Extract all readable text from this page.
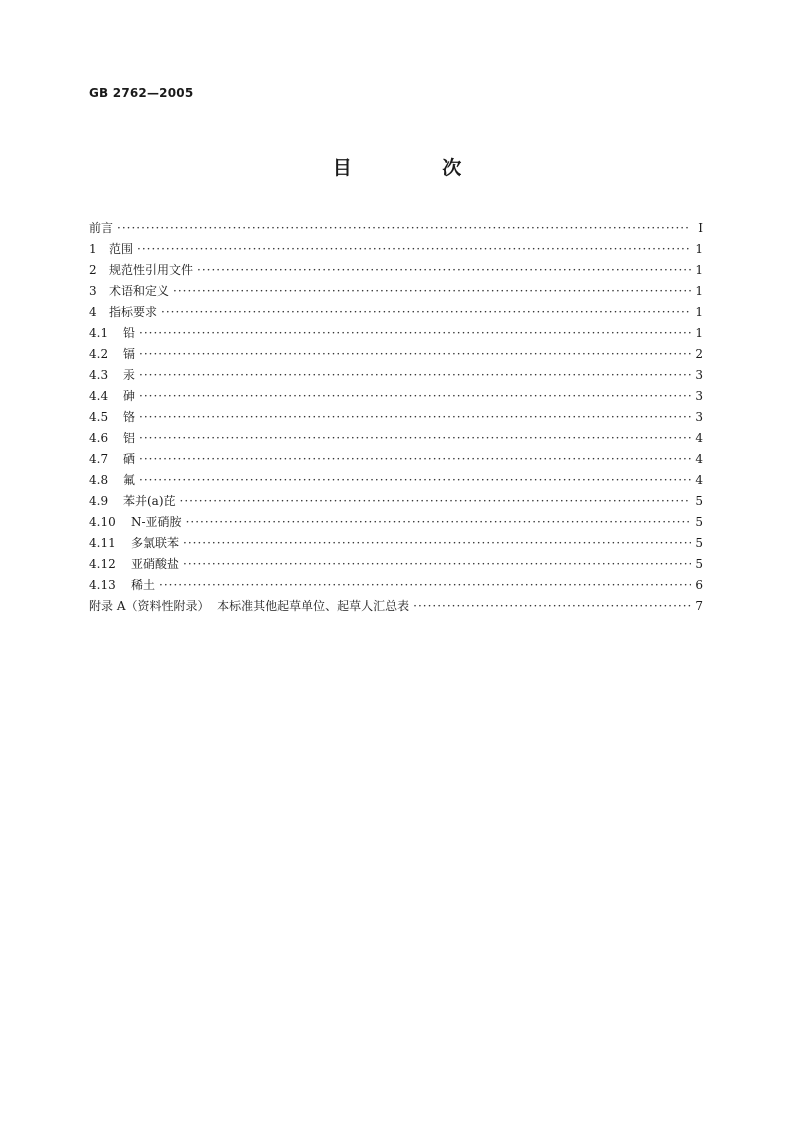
GB 2762—2005
目 次
前言 ·····	Ⅰ
1	范围 ·····	1
2	规范性引用文件 ·····	1
3	术语和定义 ·····	1
4	指标要求 ·····	1
4.1	铅 ·····	1
4.2	镉 ·····	2
4.3	汞 ·····	3
4.4	砷 ·····	3
4.5	铬 ·····	3
4.6	铝 ·····	4
4.7	硒 ·····	4
4.8	氟 ·····	4
4.9	苯并(a)芘 ·····	5
4.10	N-亚硝胺 ·····	5
4.11	多氯联苯 ·····	5
4.12	亚硝酸盐 ·····	5
4.13	稀土 ·····	6
附录 A（资料性附录）  本标准其他起草单位、起草人汇总表 ·····	7
